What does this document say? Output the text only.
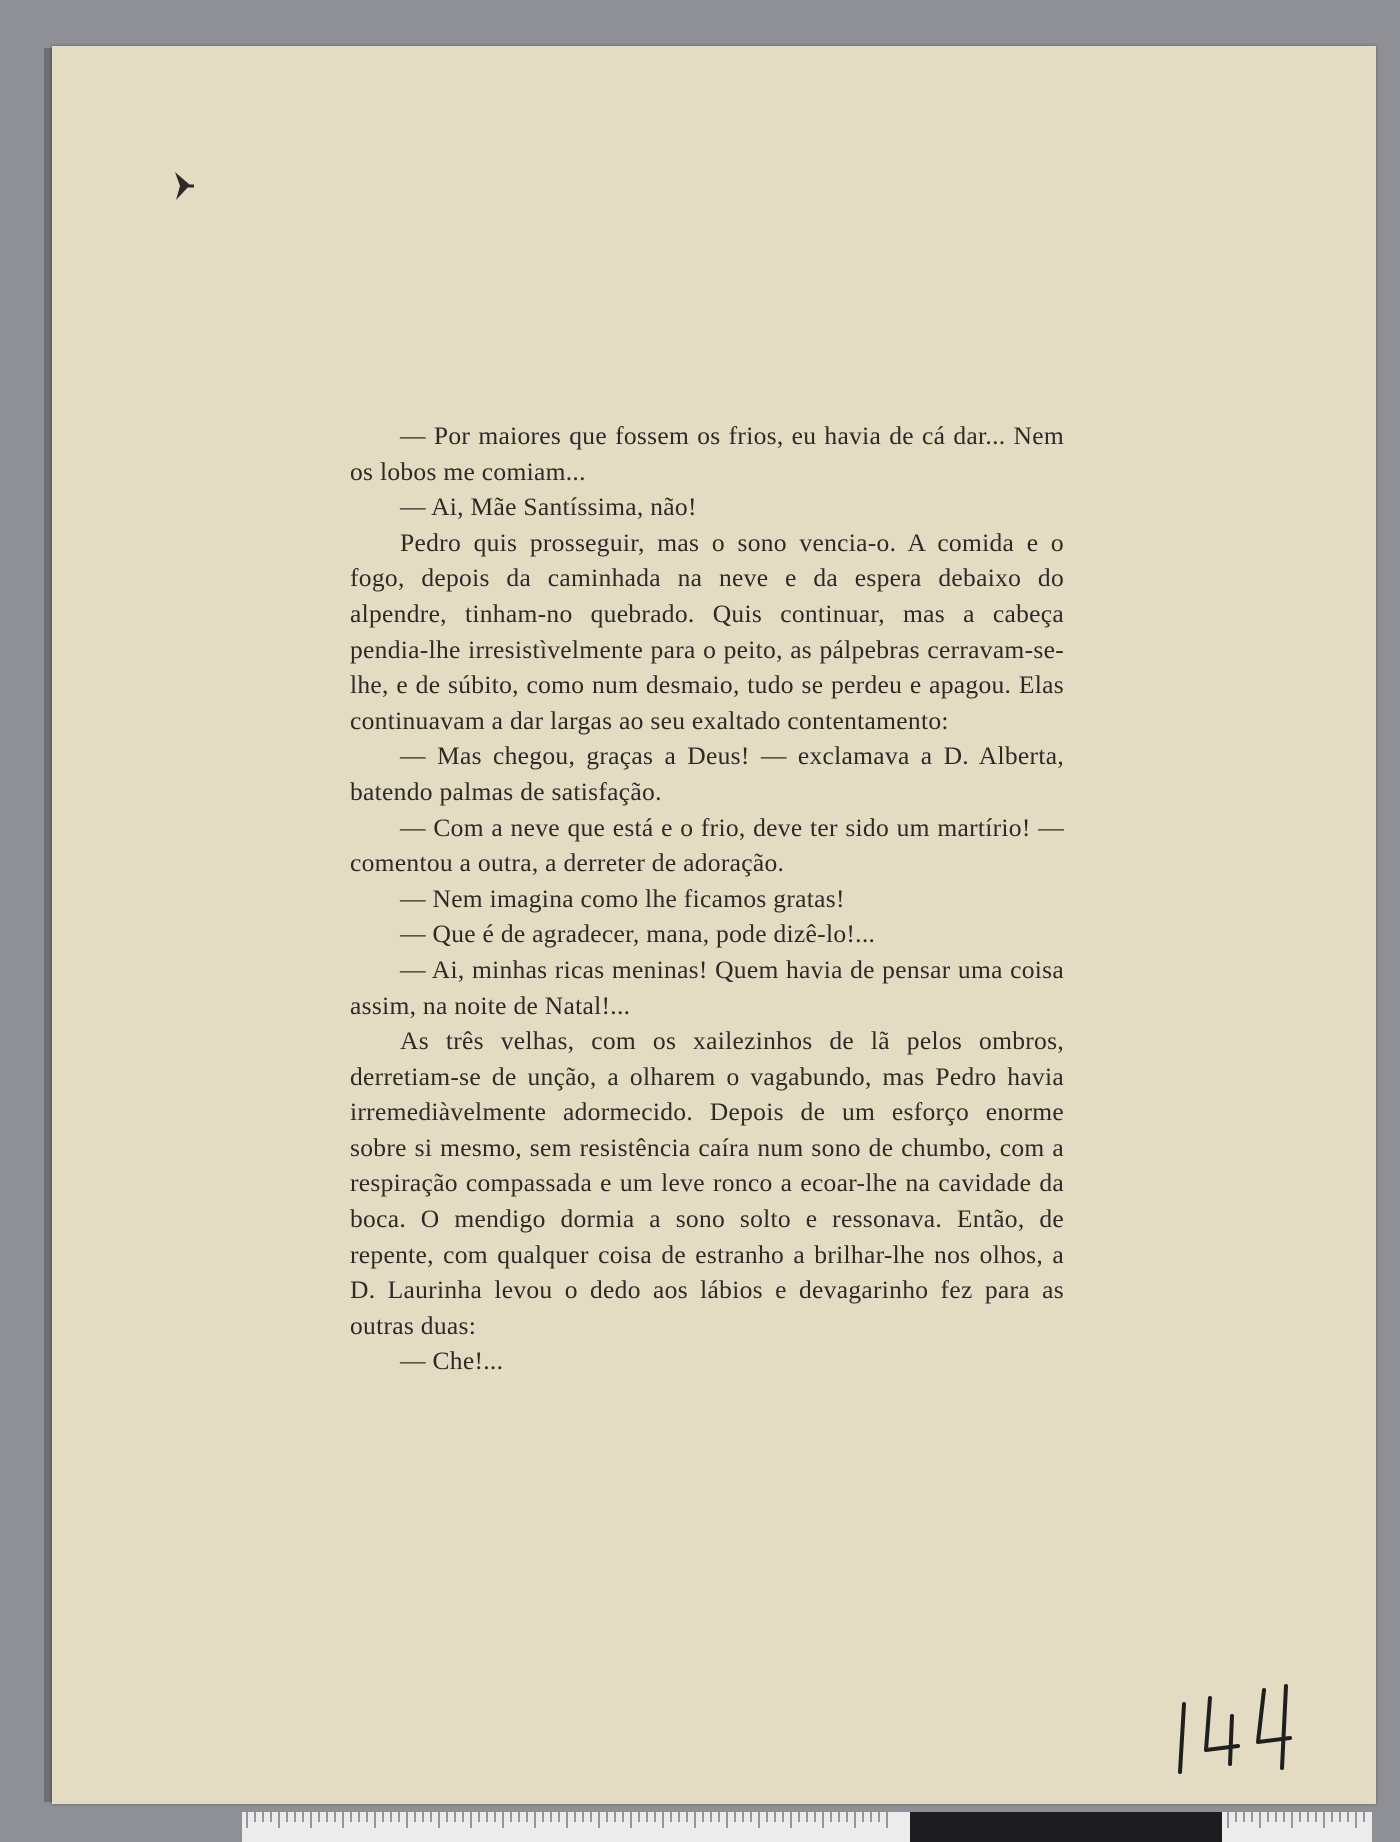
— Por maiores que fossem os frios, eu havia de cá dar... Nem os lobos me comiam...

— Ai, Mãe Santíssima, não!

Pedro quis prosseguir, mas o sono vencia-o. A comida e o fogo, depois da caminhada na neve e da espera debaixo do alpendre, tinham-no quebrado. Quis continuar, mas a cabeça pendia-lhe irresistìvelmente para o peito, as pálpebras cerravam-se-lhe, e de súbito, como num desmaio, tudo se perdeu e apagou. Elas continuavam a dar largas ao seu exaltado contentamento:

— Mas chegou, graças a Deus! — exclamava a D. Alberta, batendo palmas de satisfação.

— Com a neve que está e o frio, deve ter sido um martírio! — comentou a outra, a derreter de adoração.

— Nem imagina como lhe ficamos gratas!

— Que é de agradecer, mana, pode dizê-lo!...

— Ai, minhas ricas meninas! Quem havia de pensar uma coisa assim, na noite de Natal!...

As três velhas, com os xailezinhos de lã pelos ombros, derretiam-se de unção, a olharem o vagabundo, mas Pedro havia irremediàvelmente adormecido. Depois de um esforço enorme sobre si mesmo, sem resistência caíra num sono de chumbo, com a respiração compassada e um leve ronco a ecoar-lhe na cavidade da boca. O mendigo dormia a sono solto e ressonava. Então, de repente, com qualquer coisa de estranho a brilhar-lhe nos olhos, a D. Laurinha levou o dedo aos lábios e devagarinho fez para as outras duas:

— Che!...
